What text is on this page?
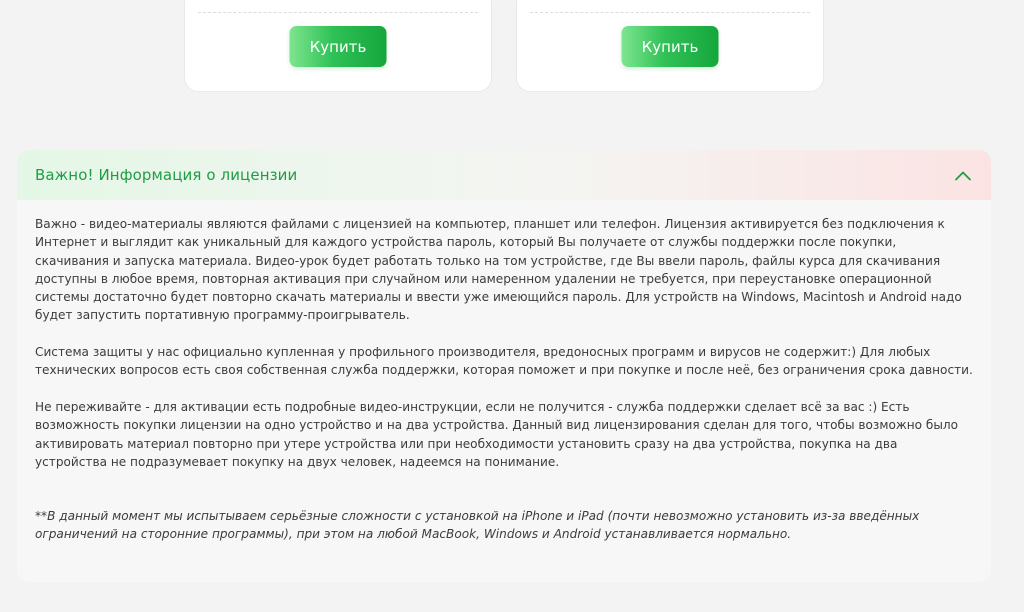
Купить	Купить
Важно! Информация о лицензии

Важно - видео-материалы являются файлами с лицензией на компьютер, планшет или телефон. Лицензия активируется без подключения к Интернет и выглядит как уникальный для каждого устройства пароль, который Вы получаете от службы поддержки после покупки, скачивания и запуска материала. Видео-урок будет работать только на том устройстве, где Вы ввели пароль, файлы курса для скачивания доступны в любое время, повторная активация при случайном или намеренном удалении не требуется, при переустановке операционной системы достаточно будет повторно скачать материалы и ввести уже имеющийся пароль. Для устройств на Windows, Macintosh и Android надо будет запустить портативную программу-проигрыватель.

Система защиты у нас официально купленная у профильного производителя, вредоносных программ и вирусов не содержит:) Для любых технических вопросов есть своя собственная служба поддержки, которая поможет и при покупке и после неё, без ограничения срока давности.

Не переживайте - для активации есть подробные видео-инструкции, если не получится - служба поддержки сделает всё за вас :) Есть возможность покупки лицензии на одно устройство и на два устройства. Данный вид лицензирования сделан для того, чтобы возможно было активировать материал повторно при утере устройства или при необходимости установить сразу на два устройства, покупка на два устройства не подразумевает покупку на двух человек, надеемся на понимание.

**В данный момент мы испытываем серьёзные сложности с установкой на iPhone и iPad (почти невозможно установить из-за введённых ограничений на сторонние программы), при этом на любой MacBook, Windows и Android устанавливается нормально.
